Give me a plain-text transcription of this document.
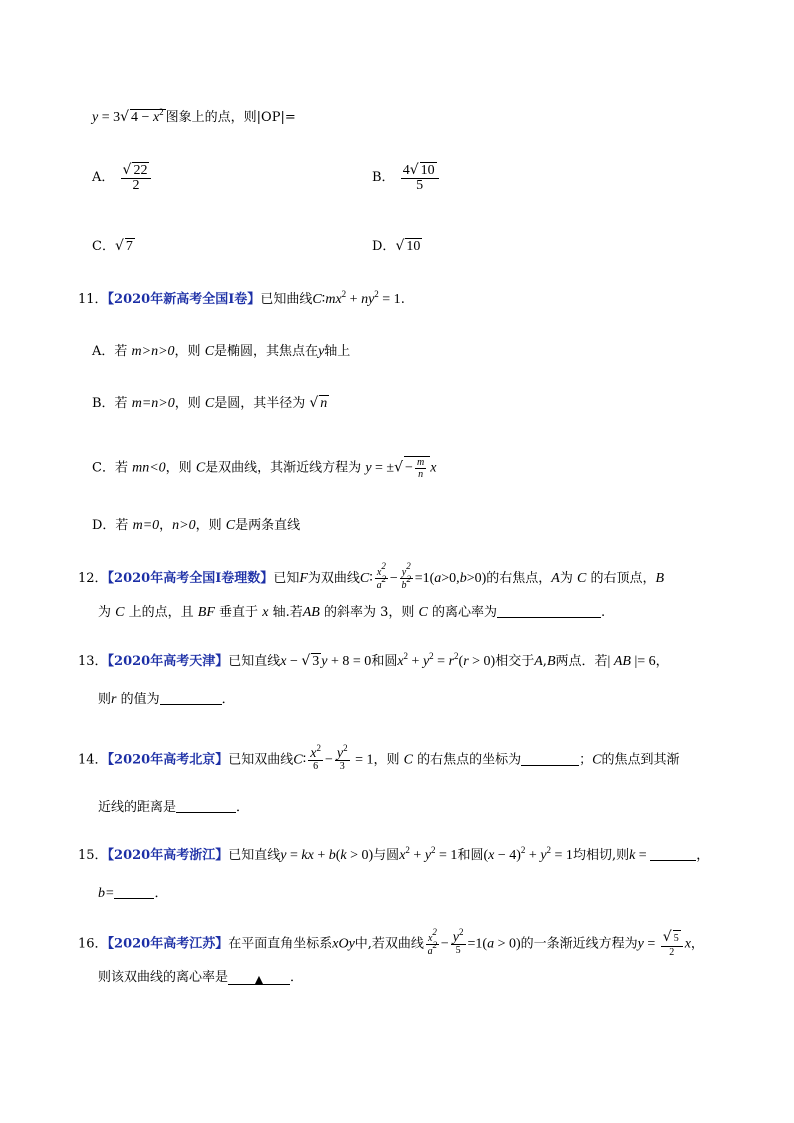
y = 3√ $4 - x^2$ 图象上的点，则|OP|=
A． $\frac{√ 22}{2}$	B． $\frac{4√ 10}{5}$
C．√ 7	D．√ 10
11．【2020年新高考全国Ⅰ卷】已知曲线$C∶mx^2 + ny^2 = 1$.
A．若 m>n>0，则 C是椭圆，其焦点在y轴上
B．若 m=n>0，则 C是圆，其半径为 √ n
C．若 mn<0，则 C是双曲线，其渐近线方程为 y = ±√ − $\frac{m}{n}$ x
D．若 m=0，n>0，则 C是两条直线
12．【2020年高考全国Ⅰ卷理数】已知F为双曲线C∶ $\frac{x^2}{a^2} - \frac{y^2}{b^2} =1(a>0,b>0)$的右焦点，A为 C 的右顶点，B
为 C 上的点，且 BF 垂直于 x 轴.若AB 的斜率为 3，则 C 的离心率为	.
13．【2020年高考天津】已知直线x − √ 3 y + 8 = 0和圆$x^2 + y^2 = r^2(r > 0)$相交于A,B两点．若| AB |= 6，
则r 的值为	．
14．【2020年高考北京】已知双曲线C∶ $\frac{x^2}{6} - \frac{y^2}{3} = 1$，则 C 的右焦点的坐标为	；C的焦点到其渐
近线的距离是	．
15．【2020年高考浙江】已知直线y = kx + b(k > 0)与圆$x^2 + y^2 = 1$和圆$(x - 4)^2 + y^2 = 1$均相切,则k =	，
b=	．
16．【2020年高考江苏】在平面直角坐标系xOy中,若双曲线 $\frac{x^2}{a^2} - \frac{y^2}{5} =1(a > 0)$的一条渐近线方程为$y = \frac{√ 5}{2}$ x，
则该双曲线的离心率是 ▲ ．
